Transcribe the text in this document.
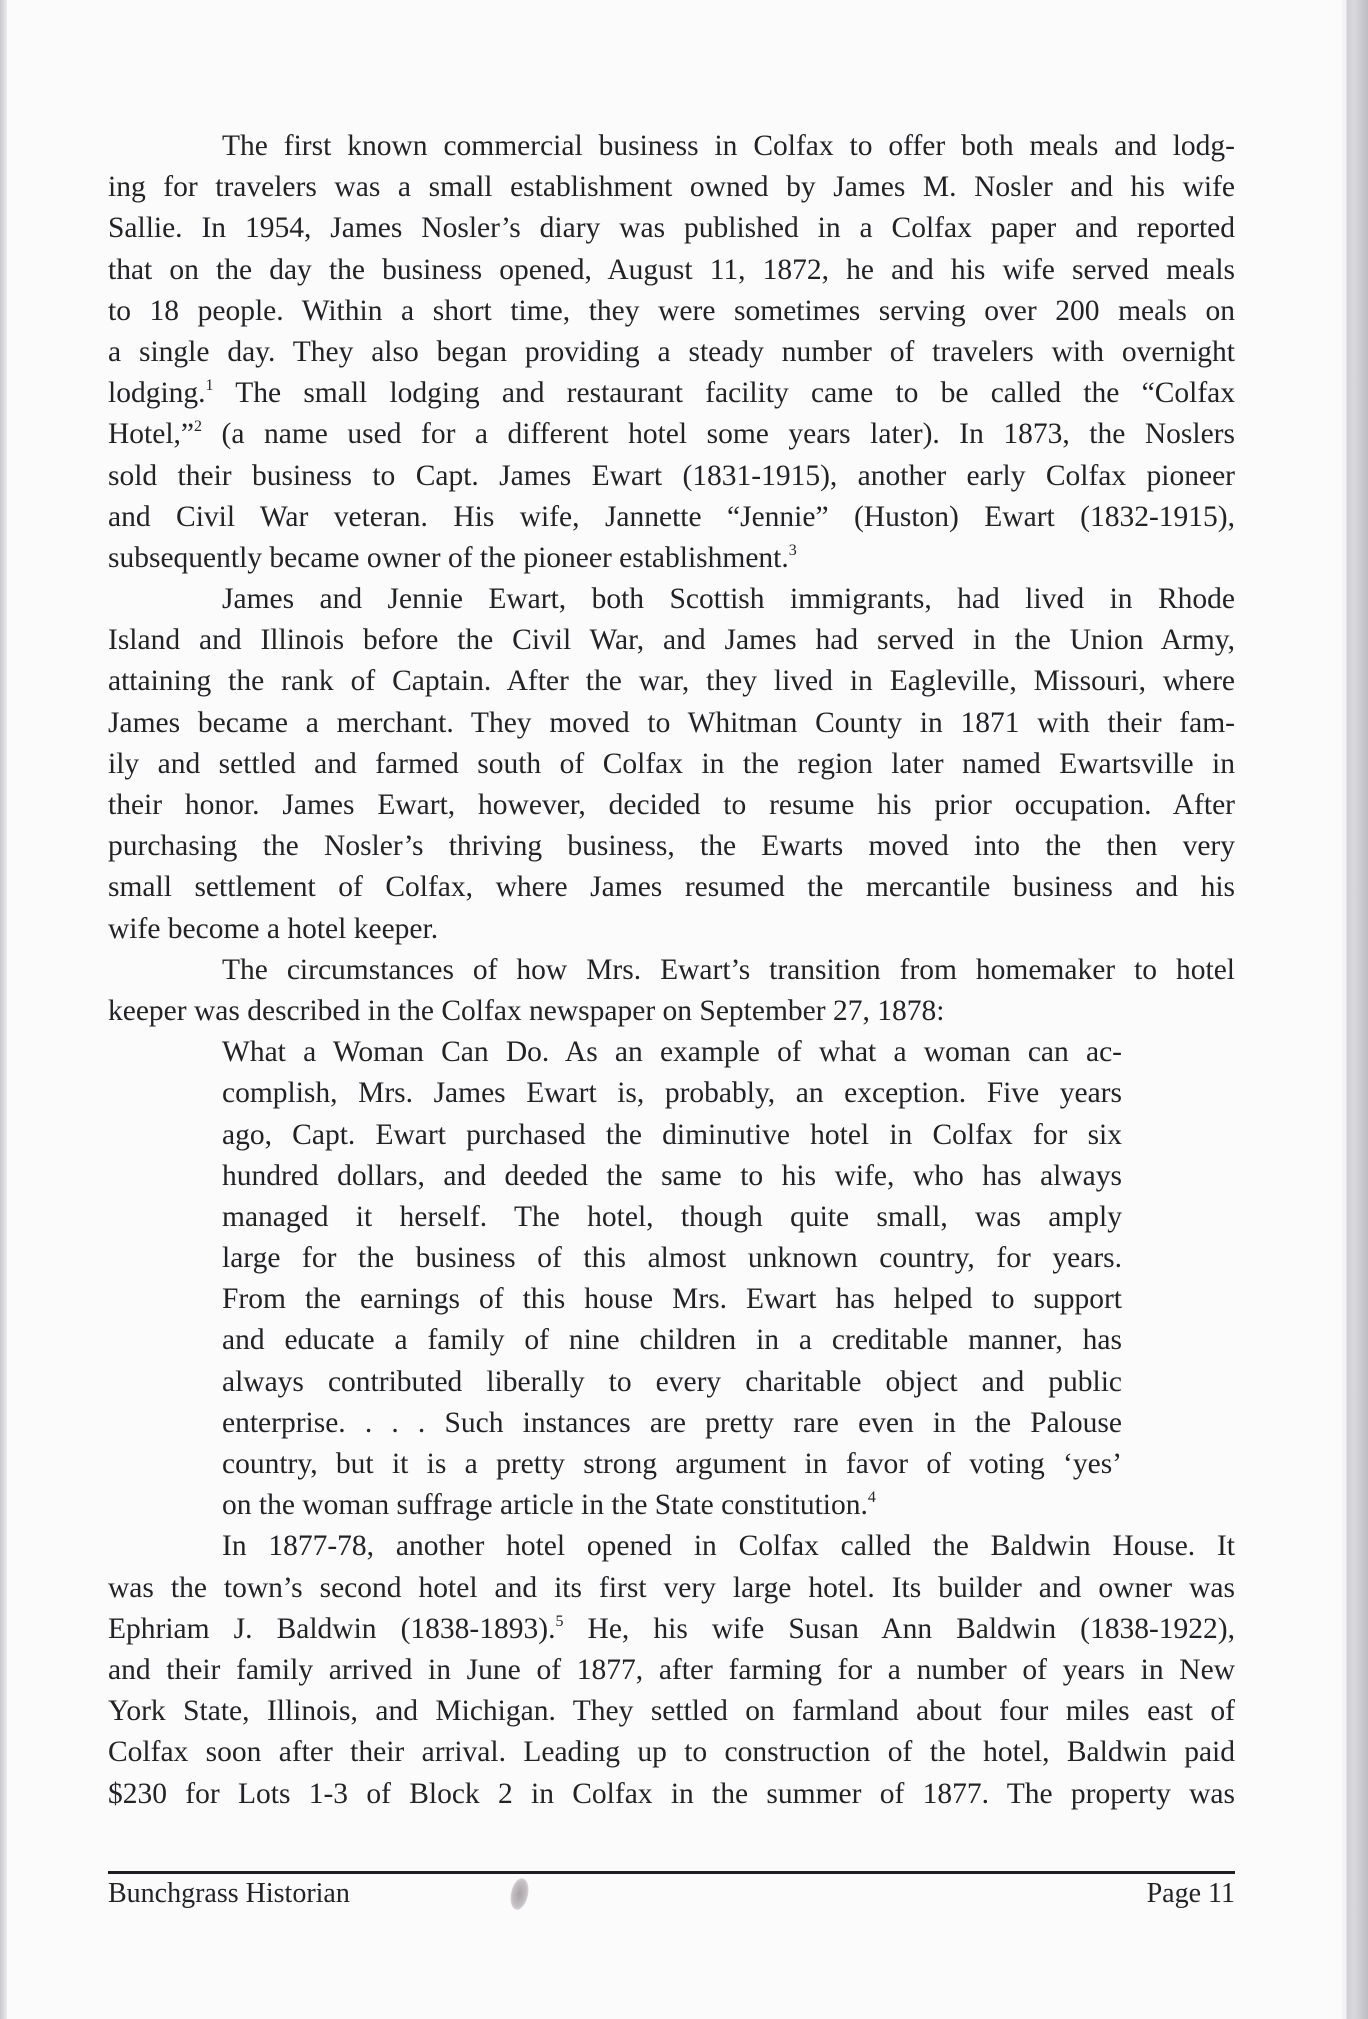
The first known commercial business in Colfax to offer both meals and lodg-
ing for travelers was a small establishment owned by James M. Nosler and his wife
Sallie. In 1954, James Nosler’s diary was published in a Colfax paper and reported
that on the day the business opened, August 11, 1872, he and his wife served meals
to 18 people. Within a short time, they were sometimes serving over 200 meals on
a single day. They also began providing a steady number of travelers with overnight
lodging.$^1$ The small lodging and restaurant facility came to be called the “Colfax
Hotel,”$^2$ (a name used for a different hotel some years later). In 1873, the Noslers
sold their business to Capt. James Ewart (1831-1915), another early Colfax pioneer
and Civil War veteran. His wife, Jannette “Jennie” (Huston) Ewart (1832-1915),
subsequently became owner of the pioneer establishment.$^3$
James and Jennie Ewart, both Scottish immigrants, had lived in Rhode
Island and Illinois before the Civil War, and James had served in the Union Army,
attaining the rank of Captain. After the war, they lived in Eagleville, Missouri, where
James became a merchant. They moved to Whitman County in 1871 with their fam-
ily and settled and farmed south of Colfax in the region later named Ewartsville in
their honor. James Ewart, however, decided to resume his prior occupation. After
purchasing the Nosler’s thriving business, the Ewarts moved into the then very
small settlement of Colfax, where James resumed the mercantile business and his
wife become a hotel keeper.
The circumstances of how Mrs. Ewart’s transition from homemaker to hotel
keeper was described in the Colfax newspaper on September 27, 1878:
What a Woman Can Do. As an example of what a woman can ac-
complish, Mrs. James Ewart is, probably, an exception. Five years
ago, Capt. Ewart purchased the diminutive hotel in Colfax for six
hundred dollars, and deeded the same to his wife, who has always
managed it herself. The hotel, though quite small, was amply
large for the business of this almost unknown country, for years.
From the earnings of this house Mrs. Ewart has helped to support
and educate a family of nine children in a creditable manner, has
always contributed liberally to every charitable object and public
enterprise. . . . Such instances are pretty rare even in the Palouse
country, but it is a pretty strong argument in favor of voting ‘yes’
on the woman suffrage article in the State constitution.$^4$
In 1877-78, another hotel opened in Colfax called the Baldwin House. It
was the town’s second hotel and its first very large hotel. Its builder and owner was
Ephriam J. Baldwin (1838-1893).$^5$ He, his wife Susan Ann Baldwin (1838-1922),
and their family arrived in June of 1877, after farming for a number of years in New
York State, Illinois, and Michigan. They settled on farmland about four miles east of
Colfax soon after their arrival. Leading up to construction of the hotel, Baldwin paid
$230 for Lots 1-3 of Block 2 in Colfax in the summer of 1877. The property was
Bunchgrass Historian	Page 11
